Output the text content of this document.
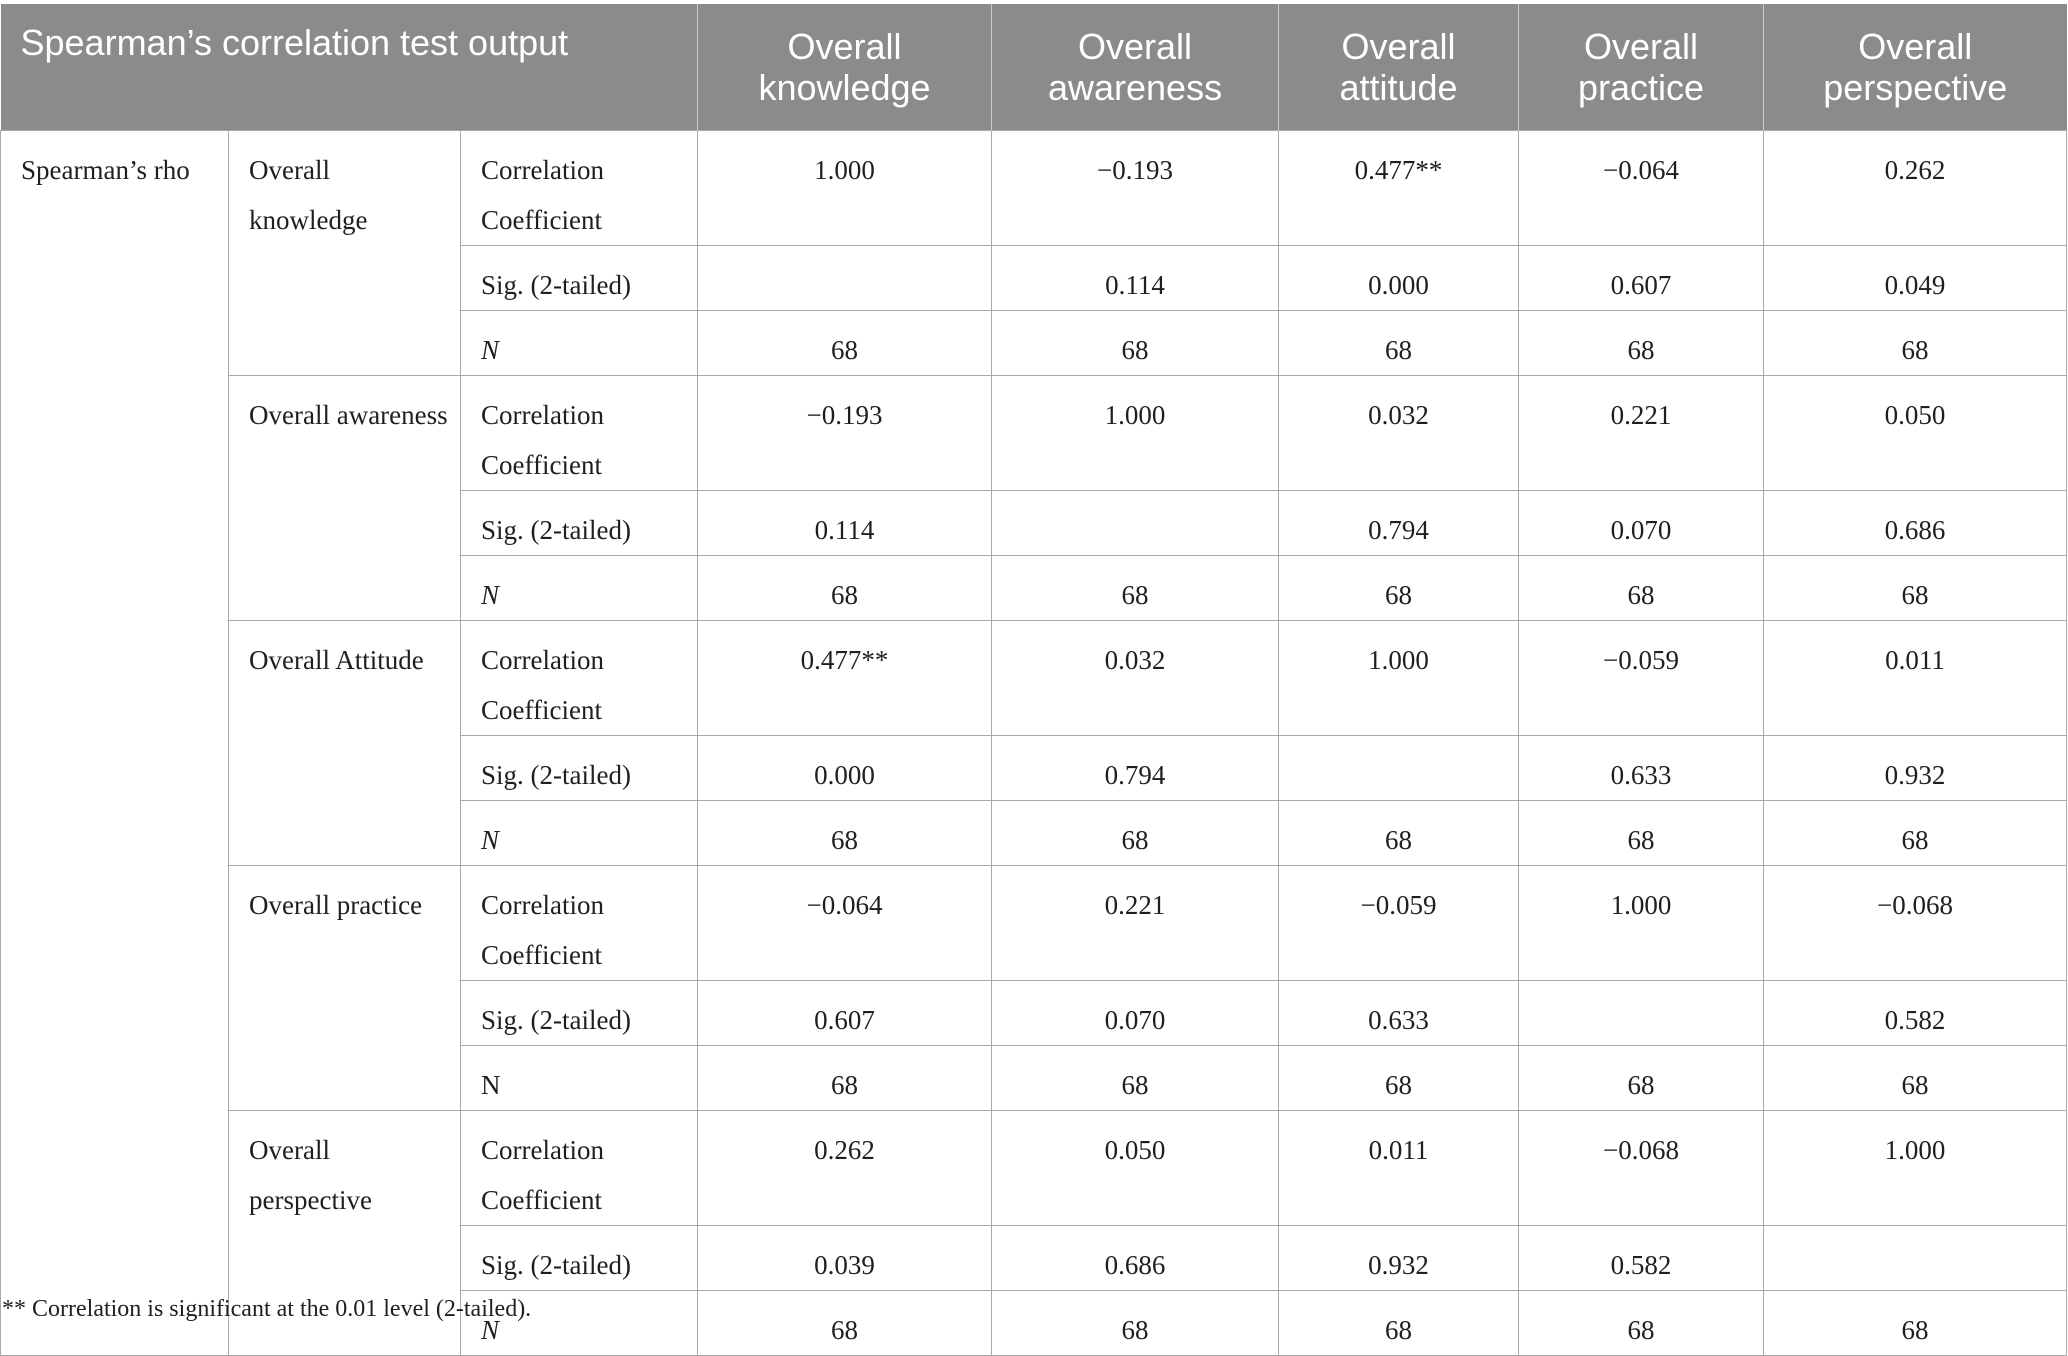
Spearman’s correlation test output			Overall knowledge	Overall awareness	Overall attitude	Overall practice	Overall perspective
Spearman’s rho	Overall knowledge	Correlation Coefficient	1.000	−0.193	0.477**	−0.064	0.262
		Sig. (2-tailed)		0.114	0.000	0.607	0.049
		N	68	68	68	68	68
	Overall awareness	Correlation Coefficient	−0.193	1.000	0.032	0.221	0.050
		Sig. (2-tailed)	0.114		0.794	0.070	0.686
		N	68	68	68	68	68
	Overall Attitude	Correlation Coefficient	0.477**	0.032	1.000	−0.059	0.011
		Sig. (2-tailed)	0.000	0.794		0.633	0.932
		N	68	68	68	68	68
	Overall practice	Correlation Coefficient	−0.064	0.221	−0.059	1.000	−0.068
		Sig. (2-tailed)	0.607	0.070	0.633		0.582
		N	68	68	68	68	68
	Overall perspective	Correlation Coefficient	0.262	0.050	0.011	−0.068	1.000
		Sig. (2-tailed)	0.039	0.686	0.932	0.582	
		N	68	68	68	68	68
** Correlation is significant at the 0.01 level (2-tailed).
